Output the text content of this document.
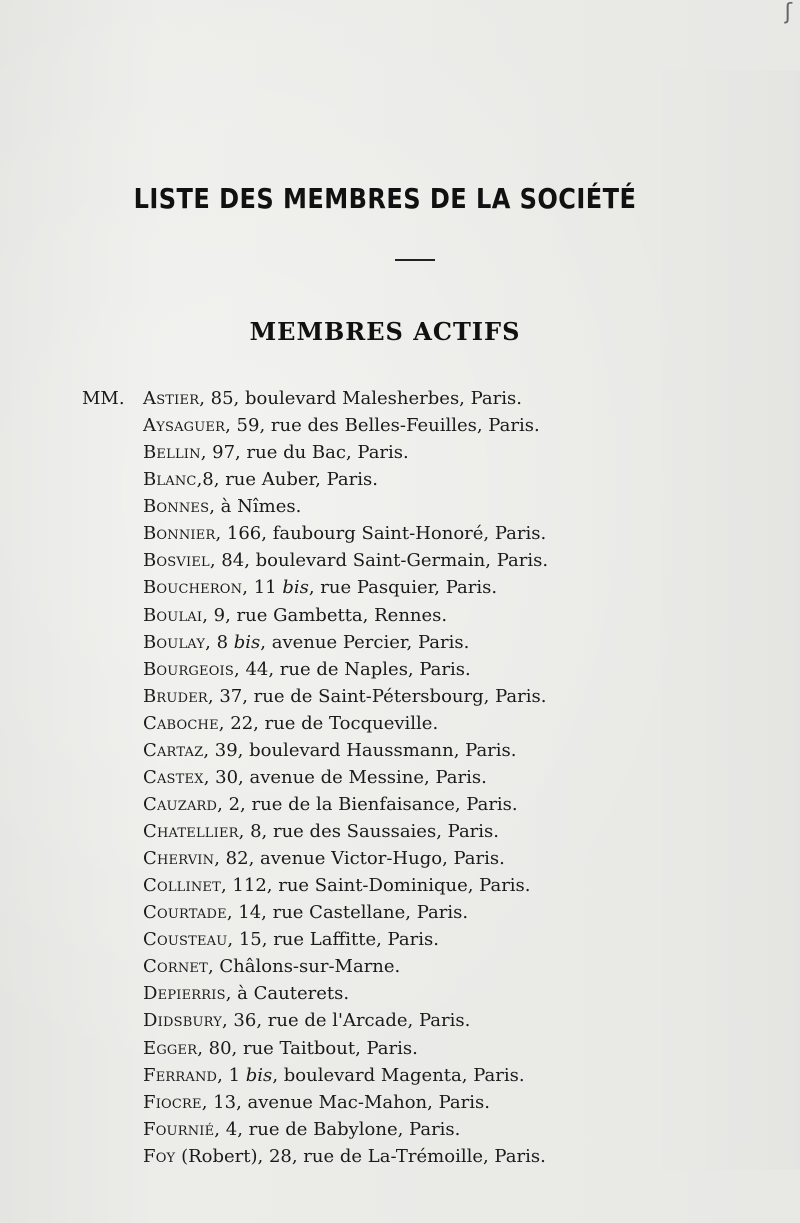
ʃ
LISTE DES MEMBRES DE LA SOCIÉTÉ
MEMBRES ACTIFS
MM. Astier, 85, boulevard Malesherbes, Paris.
Aysaguer, 59, rue des Belles-Feuilles, Paris.
Bellin, 97, rue du Bac, Paris.
Blanc,8, rue Auber, Paris.
Bonnes, à Nîmes.
Bonnier, 166, faubourg Saint-Honoré, Paris.
Bosviel, 84, boulevard Saint-Germain, Paris.
Boucheron, 11 bis, rue Pasquier, Paris.
Boulai, 9, rue Gambetta, Rennes.
Boulay, 8 bis, avenue Percier, Paris.
Bourgeois, 44, rue de Naples, Paris.
Bruder, 37, rue de Saint-Pétersbourg, Paris.
Caboche, 22, rue de Tocqueville.
Cartaz, 39, boulevard Haussmann, Paris.
Castex, 30, avenue de Messine, Paris.
Cauzard, 2, rue de la Bienfaisance, Paris.
Chatellier, 8, rue des Saussaies, Paris.
Chervin, 82, avenue Victor-Hugo, Paris.
Collinet, 112, rue Saint-Dominique, Paris.
Courtade, 14, rue Castellane, Paris.
Cousteau, 15, rue Laffitte, Paris.
Cornet, Châlons-sur-Marne.
Depierris, à Cauterets.
Didsbury, 36, rue de l'Arcade, Paris.
Egger, 80, rue Taitbout, Paris.
Ferrand, 1 bis, boulevard Magenta, Paris.
Fiocre, 13, avenue Mac-Mahon, Paris.
Fournié, 4, rue de Babylone, Paris.
Foy (Robert), 28, rue de La-Trémoille, Paris.
